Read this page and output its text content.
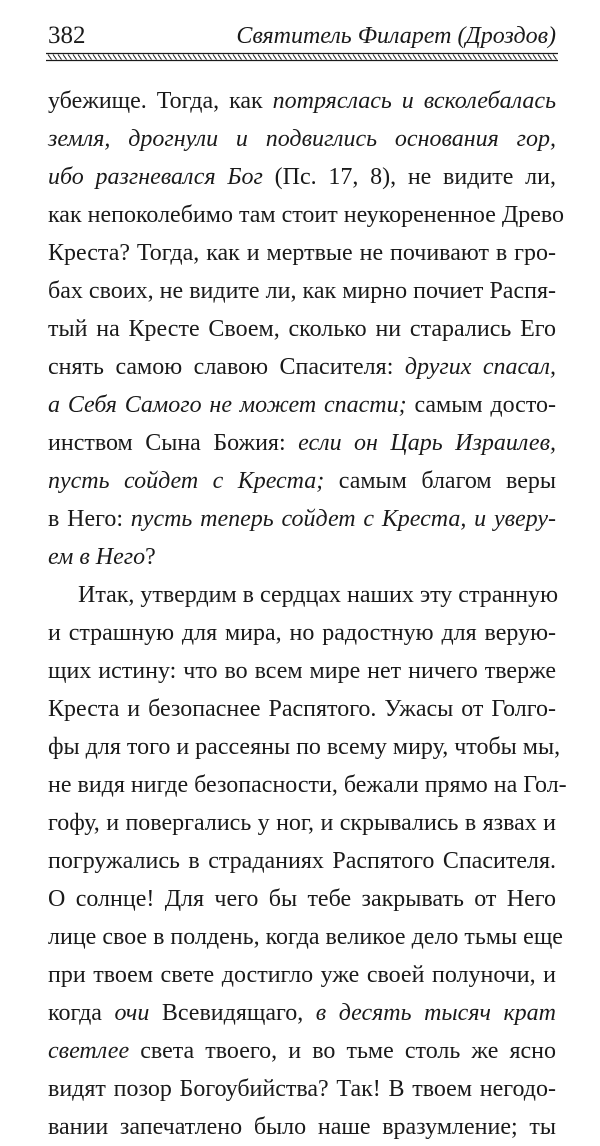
382	Святитель Филарет (Дроздов)
убежище. Тогда, как потряслась и всколебалась
земля, дрогнули и подвиглись основания гор,
ибо разгневался Бог (Пс. 17, 8), не видите ли,
как непоколебимо там стоит неукорененное Древо
Креста? Тогда, как и мертвые не почивают в гро-
бах своих, не видите ли, как мирно почиет Распя-
тый на Кресте Своем, сколько ни старались Его
снять самою славою Спасителя: других спасал,
а Себя Самого не может спасти; самым досто-
инством Сына Божия: если он Царь Израилев,
пусть сойдет с Креста; самым благом веры
в Него: пусть теперь сойдет с Креста, и уверу-
ем в Него?
Итак, утвердим в сердцах наших эту странную
и страшную для мира, но радостную для верую-
щих истину: что во всем мире нет ничего тверже
Креста и безопаснее Распятого. Ужасы от Голго-
фы для того и рассеяны по всему миру, чтобы мы,
не видя нигде безопасности, бежали прямо на Гол-
гофу, и повергались у ног, и скрывались в язвах и
погружались в страданиях Распятого Спасителя.
О солнце! Для чего бы тебе закрывать от Него
лице свое в полдень, когда великое дело тьмы еще
при твоем свете достигло уже своей полуночи, и
когда очи Всевидящаго, в десять тысяч крат
светлее света твоего, и во тьме столь же ясно
видят позор Богоубийства? Так! В твоем негодо-
вании запечатлено было наше вразумление; ты
